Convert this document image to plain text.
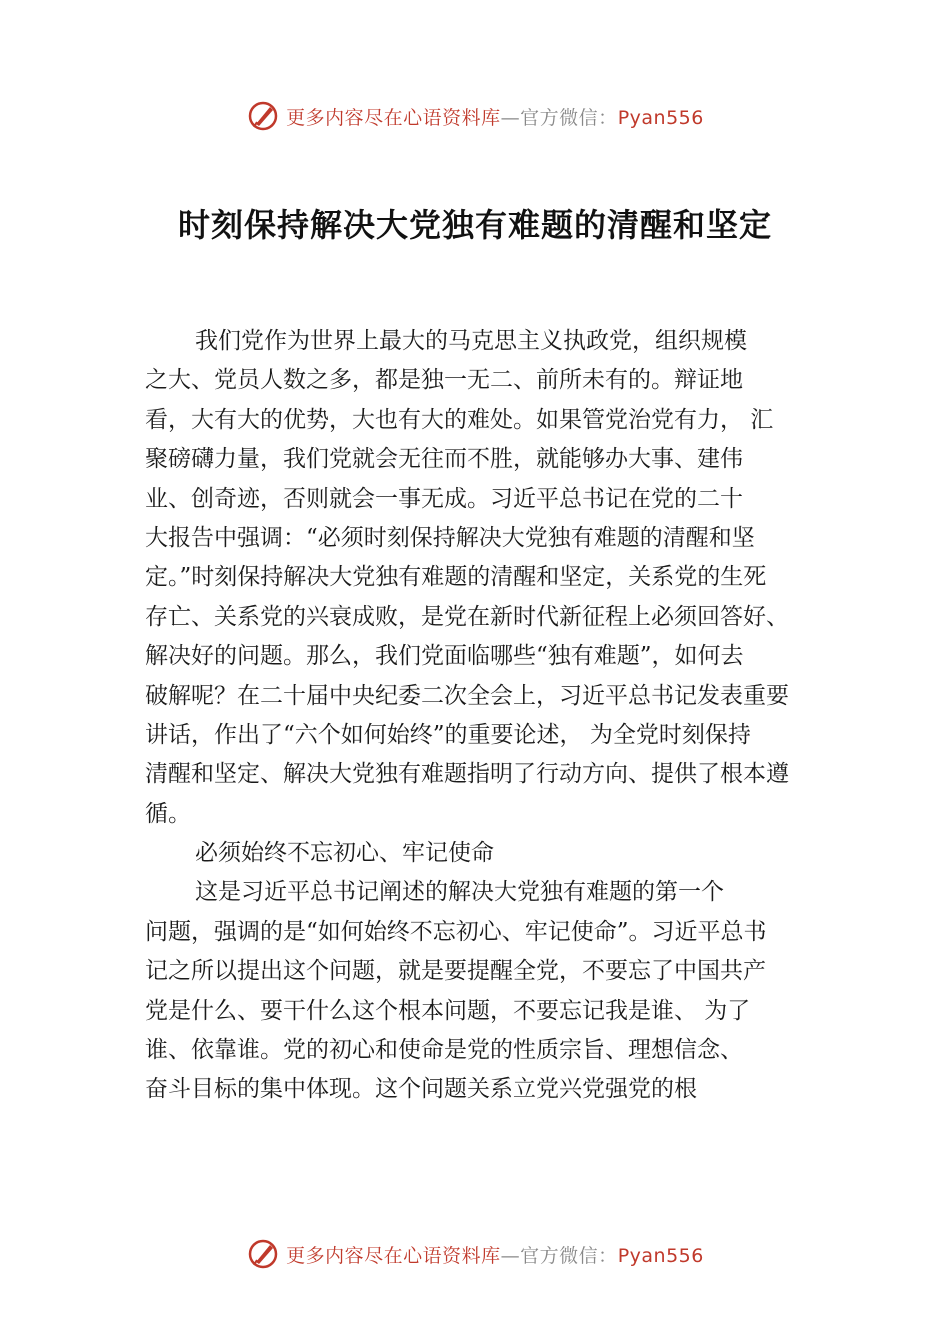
更多内容尽在心语资料库—官方微信：Pyan556
时刻保持解决大党独有难题的清醒和坚定

我们党作为世界上最大的马克思主义执政党，组织规模

之大、党员人数之多，都是独一无二、前所未有的。辩证地

看，大有大的优势，大也有大的难处。如果管党治党有力， 汇

聚磅礴力量，我们党就会无往而不胜，就能够办大事、建伟

业、创奇迹，否则就会一事无成。习近平总书记在党的二十

大报告中强调：“必须时刻保持解决大党独有难题的清醒和坚

定。”时刻保持解决大党独有难题的清醒和坚定，关系党的生死

存亡、关系党的兴衰成败，是党在新时代新征程上必须回答好、

解决好的问题。那么，我们党面临哪些“独有难题”，如何去

破解呢？在二十届中央纪委二次全会上，习近平总书记发表重要

讲话，作出了“六个如何始终”的重要论述， 为全党时刻保持

清醒和坚定、解决大党独有难题指明了行动方向、提供了根本遵

循。

必须始终不忘初心、牢记使命

这是习近平总书记阐述的解决大党独有难题的第一个

问题，强调的是“如何始终不忘初心、牢记使命”。习近平总书

记之所以提出这个问题，就是要提醒全党，不要忘了中国共产

党是什么、要干什么这个根本问题，不要忘记我是谁、 为了

谁、依靠谁。党的初心和使命是党的性质宗旨、理想信念、

奋斗目标的集中体现。这个问题关系立党兴党强党的根

更多内容尽在心语资料库—官方微信：Pyan556
